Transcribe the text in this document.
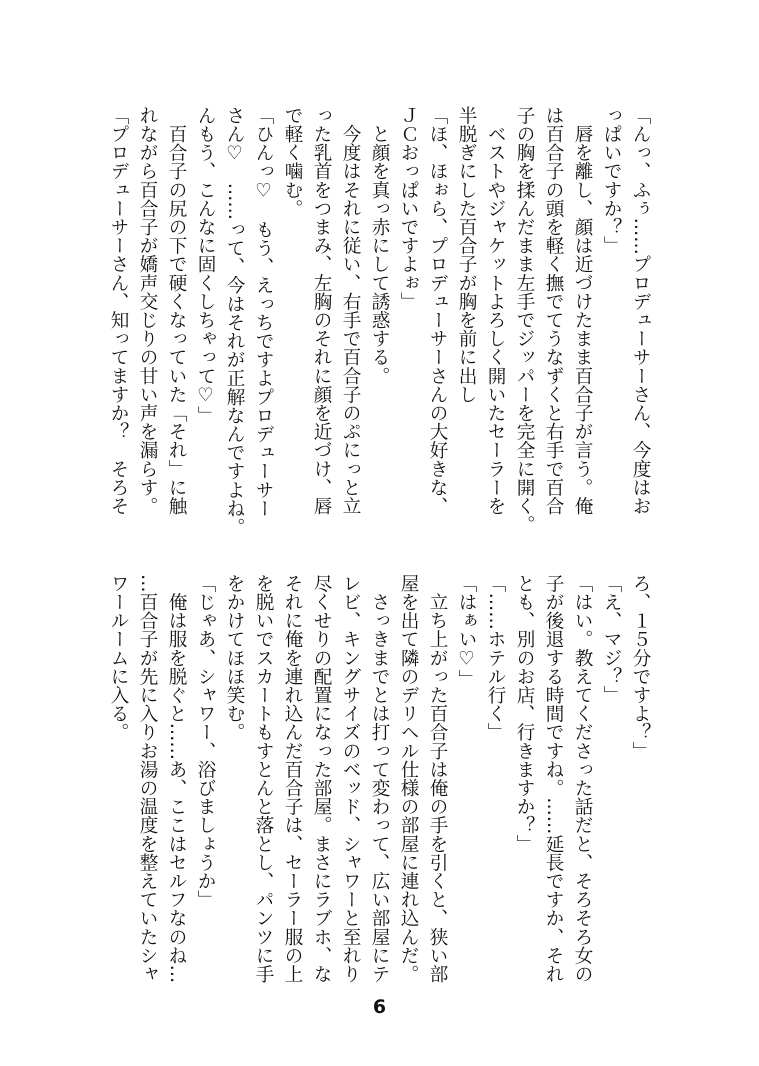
「んっ、ふぅ……プロデューサーさん、今度はお
っぱいですか？」
　唇を離し、顔は近づけたまま百合子が言う。俺
は百合子の頭を軽く撫でてうなずくと右手で百合
子の胸を揉んだまま左手でジッパーを完全に開く。
　ベストやジャケットよろしく開いたセーラーを
半脱ぎにした百合子が胸を前に出し
「ほ、ほぉら、プロデューサーさんの大好きな、
ＪＣおっぱいですよぉ」
　と顔を真っ赤にして誘惑する。
　今度はそれに従い、右手で百合子のぷにっと立
った乳首をつまみ、左胸のそれに顔を近づけ、唇
で軽く噛む。
「ひんっ♡　もう、えっちですよプロデューサー
さん♡　……って、今はそれが正解なんですよね。
んもう、こんなに固くしちゃって♡」
　百合子の尻の下で硬くなっていた「それ」に触
れながら百合子が嬌声交じりの甘い声を漏らす。
「プロデューサーさん、知ってますか？　そろそ
ろ、１５分ですよ？」
「え、マジ？」
「はい。教えてくださった話だと、そろそろ女の
子が後退する時間ですね。……延長ですか、それ
とも、別のお店、行きますか？」
「……ホテル行く」
「はぁい♡」
　立ち上がった百合子は俺の手を引くと、狭い部
屋を出て隣のデリヘル仕様の部屋に連れ込んだ。
　さっきまでとは打って変わって、広い部屋にテ
レビ、キングサイズのベッド、シャワーと至れり
尽くせりの配置になった部屋。まさにラブホ、な
それに俺を連れ込んだ百合子は、セーラー服の上
を脱いでスカートもすとんと落とし、パンツに手
をかけてほほ笑む。
「じゃあ、シャワー、浴びましょうか」
　俺は服を脱ぐと……あ、ここはセルフなのね…
…百合子が先に入りお湯の温度を整えていたシャ
ワールームに入る。
6
